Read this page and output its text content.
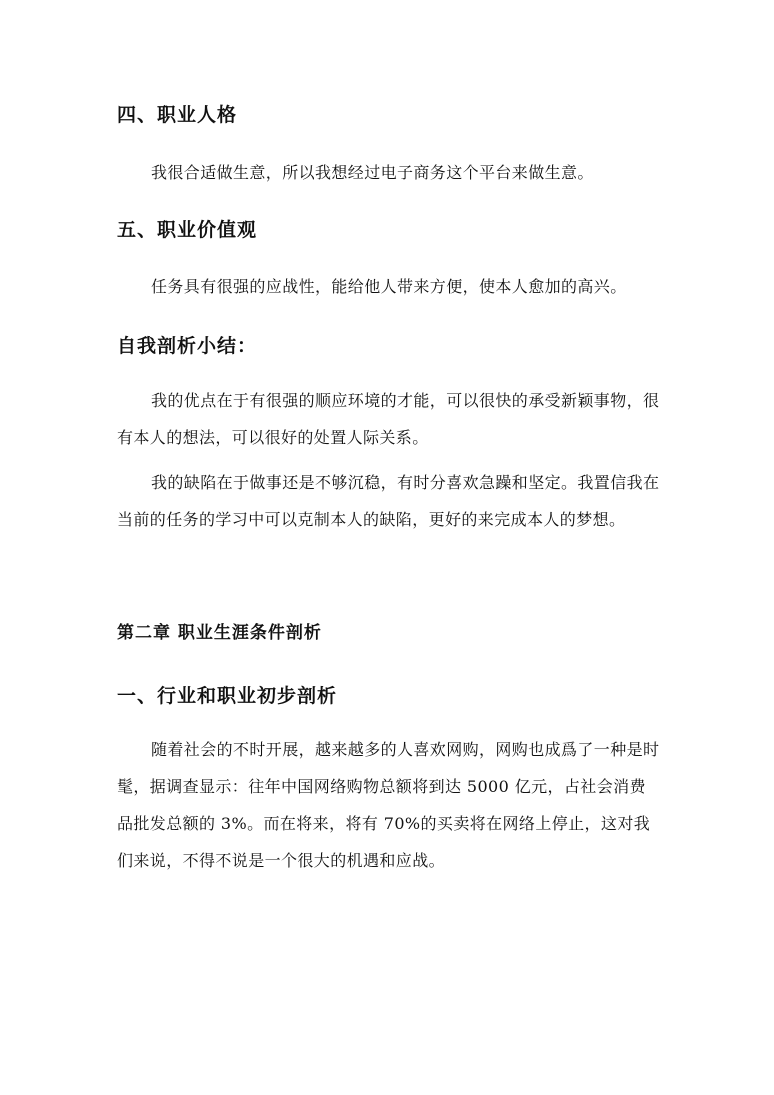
四、职业人格

我很合适做生意，所以我想经过电子商务这个平台来做生意。

五、职业价值观

任务具有很强的应战性，能给他人带来方便，使本人愈加的高兴。

自我剖析小结：

我的优点在于有很强的顺应环境的才能，可以很快的承受新颖事物，很有本人的想法，可以很好的处置人际关系。

我的缺陷在于做事还是不够沉稳，有时分喜欢急躁和坚定。我置信我在当前的任务的学习中可以克制本人的缺陷，更好的来完成本人的梦想。

第二章 职业生涯条件剖析
一、行业和职业初步剖析

随着社会的不时开展，越来越多的人喜欢网购，网购也成爲了一种是时髦，据调查显示：往年中国网络购物总额将到达 5000 亿元，占社会消费品批发总额的 3%。而在将来，将有 70%的买卖将在网络上停止，这对我们来说，不得不说是一个很大的机遇和应战。
